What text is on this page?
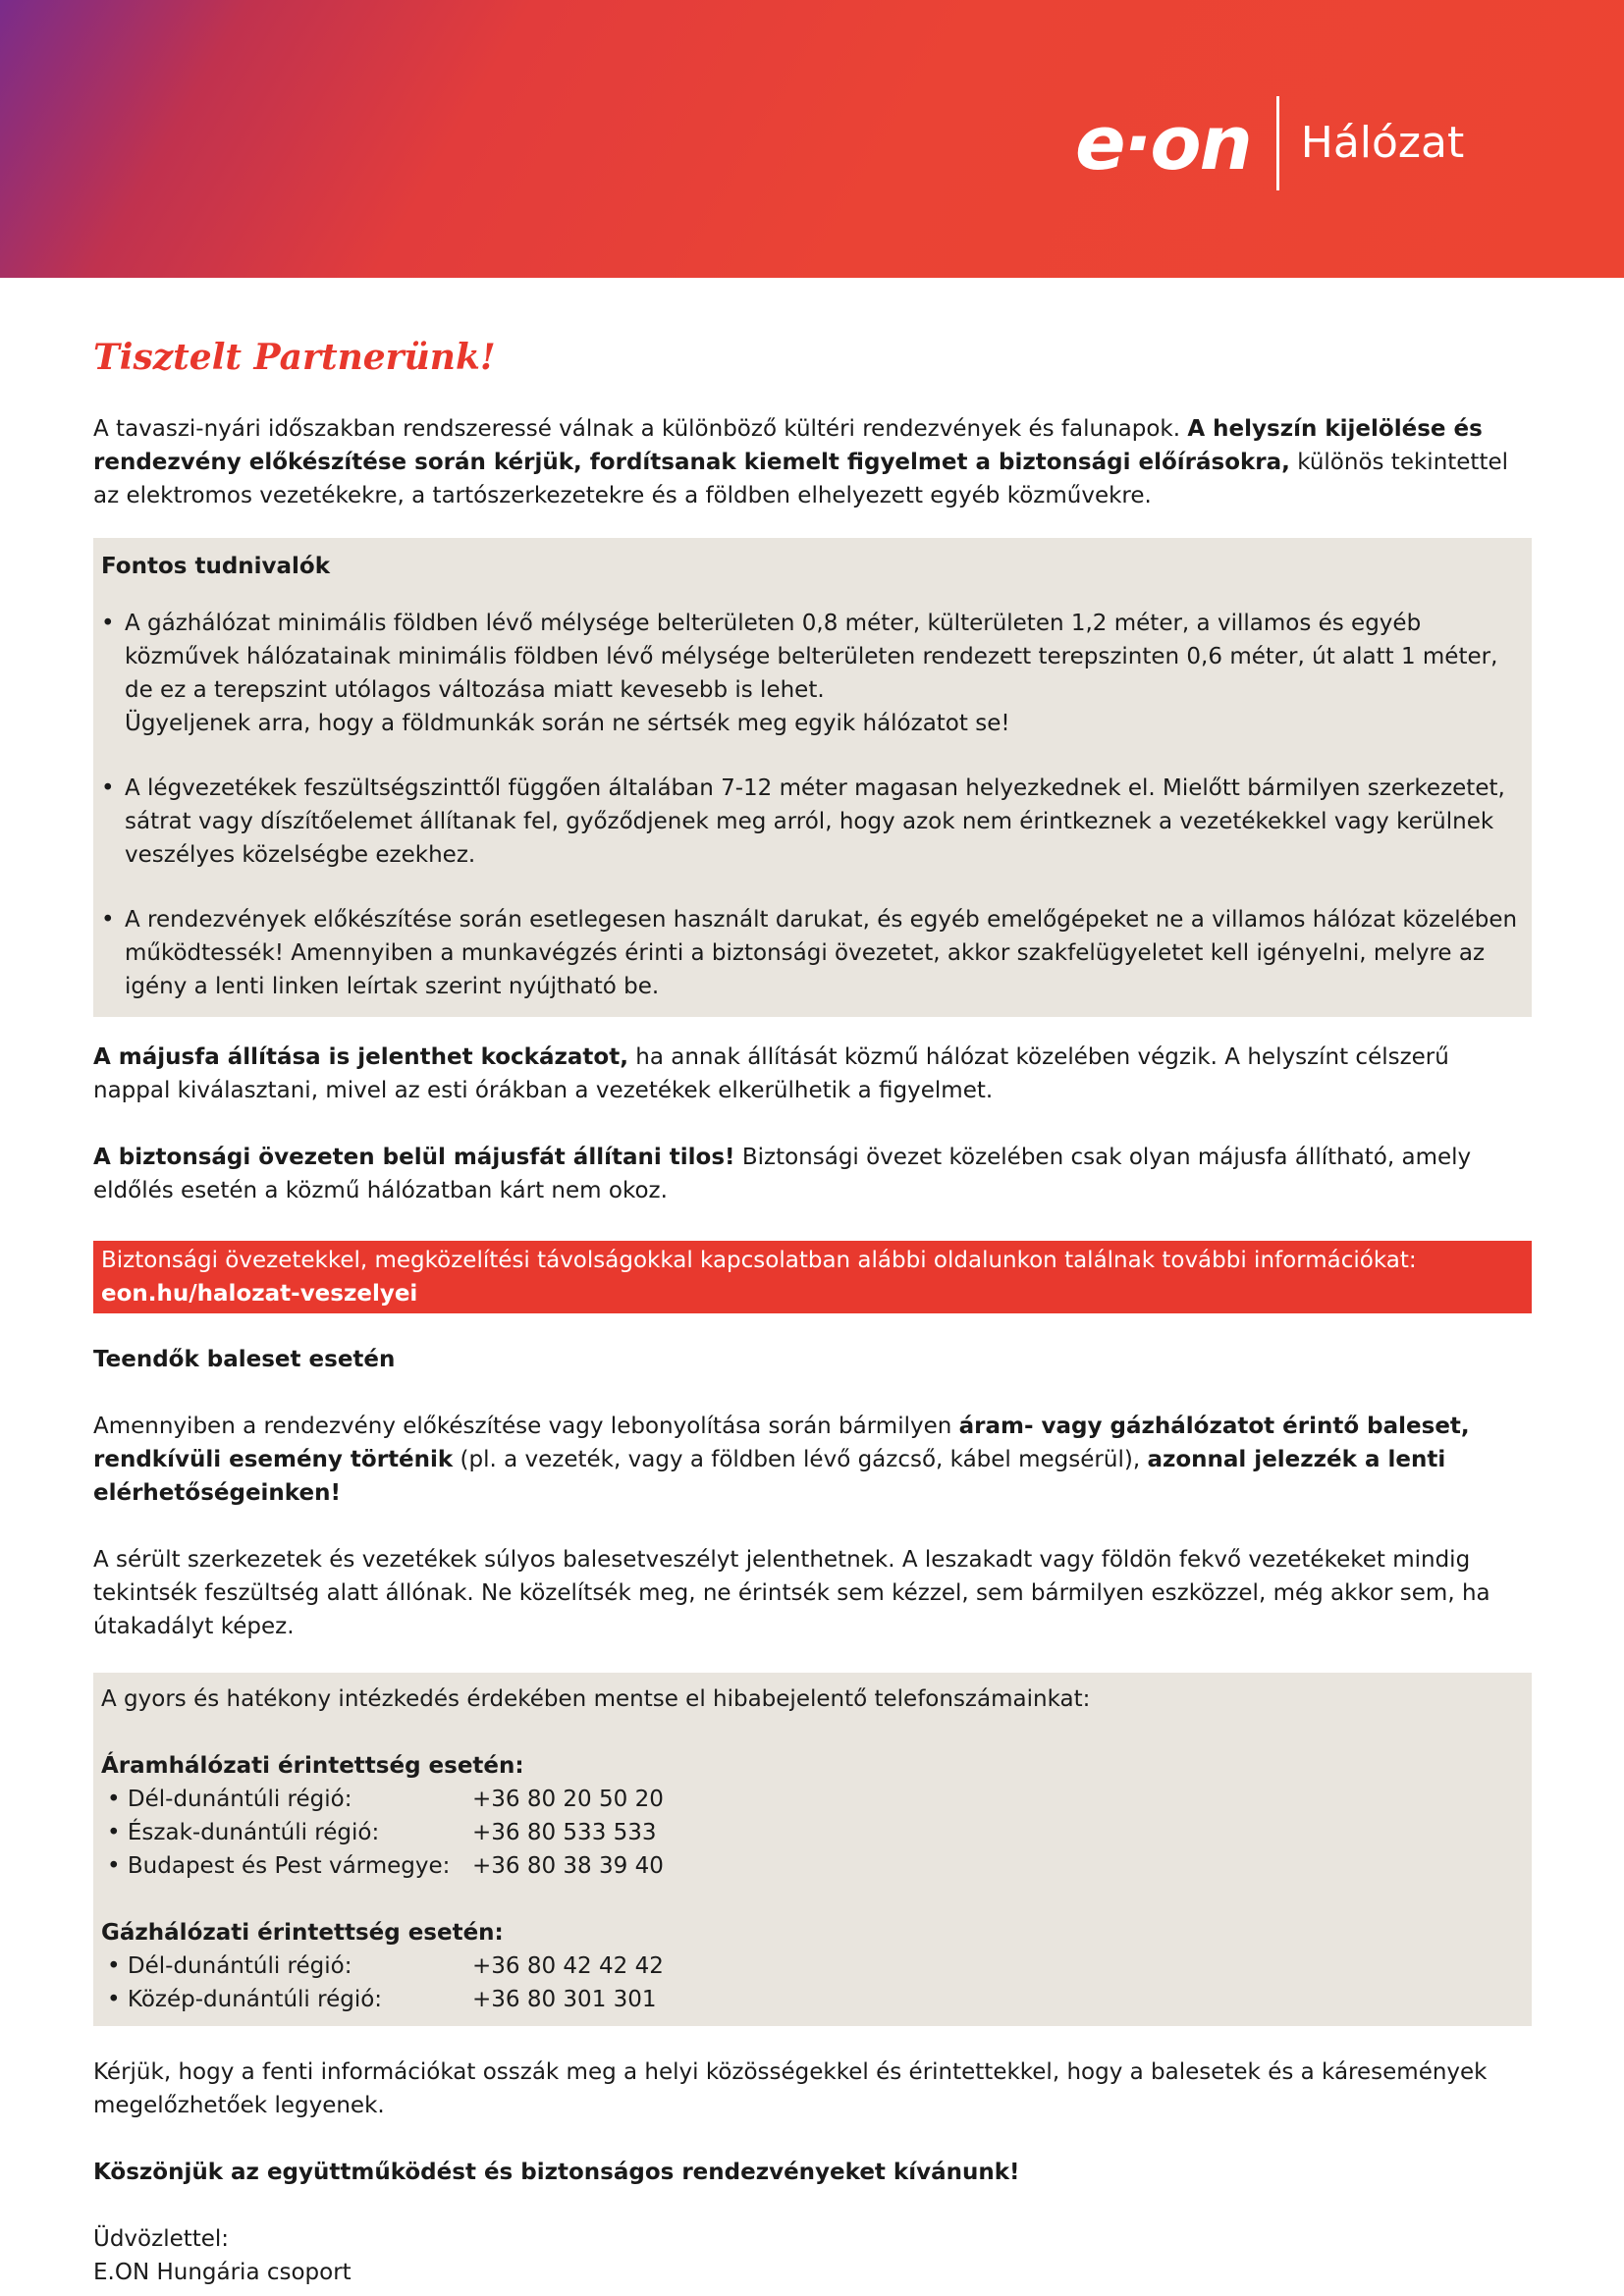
e·on Hálózat
Tisztelt Partnerünk!

A tavaszi-nyári időszakban rendszeressé válnak a különböző kültéri rendezvények és falunapok. A helyszín kijelölése és rendezvény előkészítése során kérjük, fordítsanak kiemelt figyelmet a biztonsági előírásokra, különös tekintettel az elektromos vezetékekre, a tartószerkezetekre és a földben elhelyezett egyéb közművekre.

Fontos tudnivalók
• A gázhálózat minimális földben lévő mélysége belterületen 0,8 méter, külterületen 1,2 méter, a villamos és egyéb közművek hálózatainak minimális földben lévő mélysége belterületen rendezett terepszinten 0,6 méter, út alatt 1 méter, de ez a terepszint utólagos változása miatt kevesebb is lehet.
Ügyeljenek arra, hogy a földmunkák során ne sértsék meg egyik hálózatot se!
• A légvezetékek feszültségszinttől függően általában 7-12 méter magasan helyezkednek el. Mielőtt bármilyen szerkezetet, sátrat vagy díszítőelemet állítanak fel, győződjenek meg arról, hogy azok nem érintkeznek a vezetékekkel vagy kerülnek veszélyes közelségbe ezekhez.
• A rendezvények előkészítése során esetlegesen használt darukat, és egyéb emelőgépeket ne a villamos hálózat közelében működtessék! Amennyiben a munkavégzés érinti a biztonsági övezetet, akkor szakfelügyeletet kell igényelni, melyre az igény a lenti linken leírtak szerint nyújtható be.

A májusfa állítása is jelenthet kockázatot, ha annak állítását közmű hálózat közelében végzik. A helyszínt célszerű nappal kiválasztani, mivel az esti órákban a vezetékek elkerülhetik a figyelmet.

A biztonsági övezeten belül májusfát állítani tilos! Biztonsági övezet közelében csak olyan májusfa állítható, amely eldőlés esetén a közmű hálózatban kárt nem okoz.

Biztonsági övezetekkel, megközelítési távolságokkal kapcsolatban alábbi oldalunkon találnak további információkat:
eon.hu/halozat-veszelyei

Teendők baleset esetén

Amennyiben a rendezvény előkészítése vagy lebonyolítása során bármilyen áram- vagy gázhálózatot érintő baleset, rendkívüli esemény történik (pl. a vezeték, vagy a földben lévő gázcső, kábel megsérül), azonnal jelezzék a lenti elérhetőségeinken!

A sérült szerkezetek és vezetékek súlyos balesetveszélyt jelenthetnek. A leszakadt vagy földön fekvő vezetékeket mindig tekintsék feszültség alatt állónak. Ne közelítsék meg, ne érintsék sem kézzel, sem bármilyen eszközzel, még akkor sem, ha útakadályt képez.

A gyors és hatékony intézkedés érdekében mentse el hibabejelentő telefonszámainkat:
Áramhálózati érintettség esetén:
• Dél-dunántúli régió:	+36 80 20 50 20
• Észak-dunántúli régió:	+36 80 533 533
• Budapest és Pest vármegye: +36 80 38 39 40
Gázhálózati érintettség esetén:
• Dél-dunántúli régió:	+36 80 42 42 42
• Közép-dunántúli régió:	+36 80 301 301

Kérjük, hogy a fenti információkat osszák meg a helyi közösségekkel és érintettekkel, hogy a balesetek és a káresemények megelőzhetőek legyenek.

Köszönjük az együttműködést és biztonságos rendezvényeket kívánunk!

Üdvözlettel:

E.ON Hungária csoport
